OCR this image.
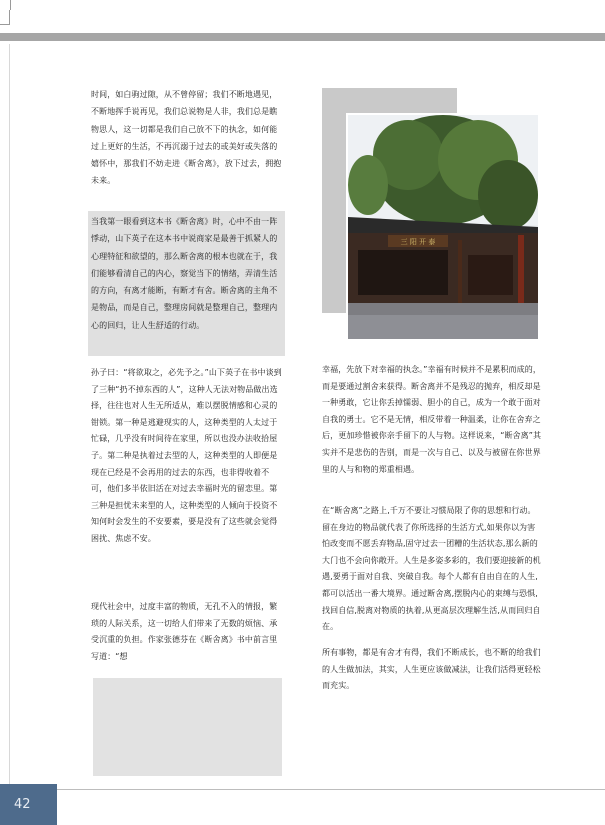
时间，如白驹过隙，从不曾停留；我们不断地遇见，不断地挥手说再见，我们总说物是人非，我们总是瞧物思人，这一切都是我们自己放不下的执念，如何能过上更好的生活，不再沉溺于过去的或美好或失落的嬉怀中，那我们不妨走进《断舍离》，放下过去，拥抱未来。

当我第一眼看到这本书《断舍离》时，心中不由一阵悸动，山下英子在这本书中说商家是最善于抓紧人的心理特征和欲望的，那么断舍离的根本也就在于，我们能够看清自己的内心，察觉当下的情绪，弄清生活的方向，有离才能断，有断才有舍。断舍离的主角不是物品，而是自己，整理房间就是整理自己，整理内心的回归，让人生舒适的行动。

孙子曰：“将欲取之，必先予之。”山下英子在书中谈到了三种“扔不掉东西的人”，这种人无法对物品做出选择，往往也对人生无所适从，难以摆脱情感和心灵的钳锁。第一种是逃避现实的人，这种类型的人太过于忙碌，几乎没有时间待在家里，所以也没办法收拾屋子。第二种是执着过去型的人，这种类型的人即便是现在已经是不会再用的过去的东西，也非得收着不可，他们多半依旧活在对过去幸福时光的留恋里。第三种是担忧未来型的人，这种类型的人倾向于投资不知何时会发生的不安要素，要是没有了这些就会觉得困扰、焦虑不安。

现代社会中，过度丰富的物质，无孔不入的情报，繁琐的人际关系，这一切给人们带来了无数的烦恼、承受沉重的负担。作家张德芬在《断舍离》书中前言里写道：“想

三 阳 开 泰

幸福，先放下对幸福的执念。”幸福有时候并不是累积而成的，而是要通过割舍来获得。断舍离并不是残忍的抛弃，相反却是一种勇敢，它让你丢掉懦弱、胆小的自己，成为一个敢于面对自我的勇士。它不是无情，相反带着一种温柔，让你在舍弃之后，更加珍惜被你亲手留下的人与物。这样说来，“断舍离”其实并不是悲伤的告别，而是一次与自己、以及与被留在你世界里的人与和物的郑重相遇。

在“断舍离”之路上,千万不要让习惯局限了你的思想和行动。留在身边的物品就代表了你所选择的生活方式,如果你以为害怕改变而不愿丢弃物品,固守过去一团糟的生活状态,那么新的大门也不会向你敞开。人生是多姿多彩的，我们要迎接新的机遇,要勇于面对自我、突破自我。每个人都有自由自在的人生,都可以活出一番大境界。通过断舍离,摆脱内心的束缚与恐惧,找回自信,脱离对物质的执着,从更高层次理解生活,从而回归自在。

所有事物，都是有舍才有得，我们不断成长，也不断的给我们的人生做加法，其实，人生更应该做减法，让我们活得更轻松而充实。

42
